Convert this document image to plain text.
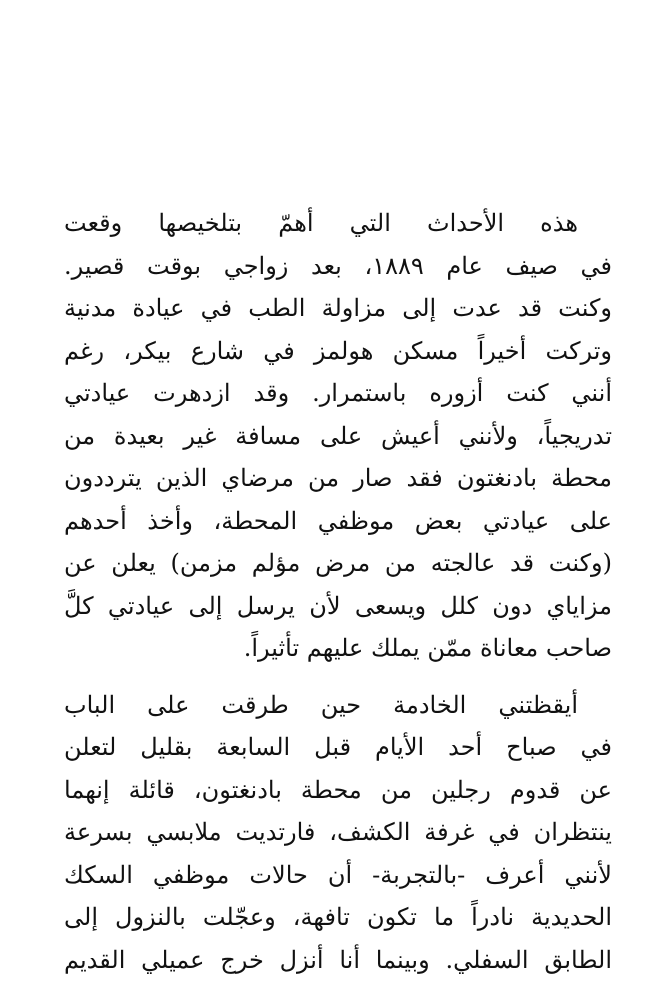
هذه الأحداث التي أهمّ بتلخيصها وقعت
في صيف عام ١٨٨٩، بعد زواجي بوقت قصير.
وكنت قد عدت إلى مزاولة الطب في عيادة مدنية
وتركت أخيراً مسكن هولمز في شارع بيكر، رغم
أنني كنت أزوره باستمرار. وقد ازدهرت عيادتي
تدريجياً، ولأنني أعيش على مسافة غير بعيدة من
محطة بادنغتون فقد صار من مرضاي الذين يترددون
على عيادتي بعض موظفي المحطة، وأخذ أحدهم
(وكنت قد عالجته من مرض مؤلم مزمن) يعلن عن
مزاياي دون كلل ويسعى لأن يرسل إلى عيادتي كلَّ
صاحب معاناة ممّن يملك عليهم تأثيراً.

أيقظتني الخادمة حين طرقت على الباب
في صباح أحد الأيام قبل السابعة بقليل لتعلن
عن قدوم رجلين من محطة بادنغتون، قائلة إنهما
ينتظران في غرفة الكشف، فارتديت ملابسي بسرعة
لأنني أعرف -بالتجربة- أن حالات موظفي السكك
الحديدية نادراً ما تكون تافهة، وعجّلت بالنزول إلى
الطابق السفلي. وبينما أنا أنزل خرج عميلي القديم
